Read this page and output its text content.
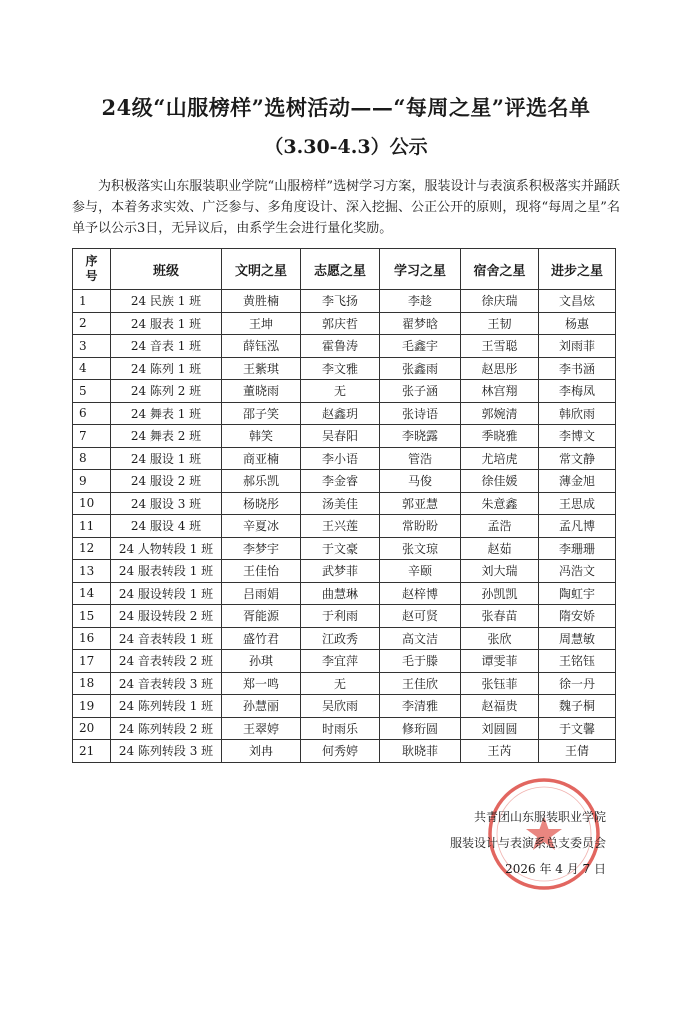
24级“山服榜样”选树活动——“每周之星”评选名单
（3.30-4.3）公示
为积极落实山东服装职业学院“山服榜样”选树学习方案，服装设计与表演系积极落实并踊跃参与，本着务求实效、广泛参与、多角度设计、深入挖掘、公正公开的原则，现将“每周之星”名单予以公示3日，无异议后，由系学生会进行量化奖励。
序
号	班级	文明之星	志愿之星	学习之星	宿舍之星	进步之星
1	24 民族 1 班	黄胜楠	李飞扬	李趁	徐庆瑞	文昌炫
2	24 服表 1 班	王坤	郭庆哲	翟梦晗	王韧	杨惠
3	24 音表 1 班	薛钰泓	霍鲁涛	毛鑫宇	王雪聪	刘雨菲
4	24 陈列 1 班	王紫琪	李文雅	张鑫雨	赵思彤	李书涵
5	24 陈列 2 班	董晓雨	无	张子涵	林宫翔	李梅凤
6	24 舞表 1 班	邵子笑	赵鑫玥	张诗语	郭婉清	韩欣雨
7	24 舞表 2 班	韩笑	吴春阳	李晓露	季晓雅	李博文
8	24 服设 1 班	商亚楠	李小语	管浩	尤培虎	常文静
9	24 服设 2 班	郝乐凯	李金睿	马俊	徐佳媛	薄金旭
10	24 服设 3 班	杨晓彤	汤美佳	郭亚慧	朱意鑫	王思成
11	24 服设 4 班	辛夏冰	王兴莲	常盼盼	孟浩	孟凡博
12	24 人物转段 1 班	李梦宇	于文豪	张文琼	赵茹	李珊珊
13	24 服表转段 1 班	王佳怡	武梦菲	辛颐	刘大瑞	冯浩文
14	24 服设转段 1 班	吕雨娟	曲慧琳	赵梓博	孙凯凯	陶虹宇
15	24 服设转段 2 班	胥能源	于利雨	赵可贤	张春苗	隋安娇
16	24 音表转段 1 班	盛竹君	江政秀	高文洁	张欣	周慧敏
17	24 音表转段 2 班	孙琪	李宜萍	毛于滕	谭雯菲	王铭钰
18	24 音表转段 3 班	郑一鸣	无	王佳欣	张钰菲	徐一丹
19	24 陈列转段 1 班	孙慧丽	吴欣雨	李清雅	赵福贵	魏子桐
20	24 陈列转段 2 班	王翠婷	时雨乐	修珩圆	刘圆圆	于文馨
21	24 陈列转段 3 班	刘冉	何秀婷	耿晓菲	王芮	王倩
共青团山东服装职业学院
服装设计与表演系总支委员会
2026 年 4 月 7 日
